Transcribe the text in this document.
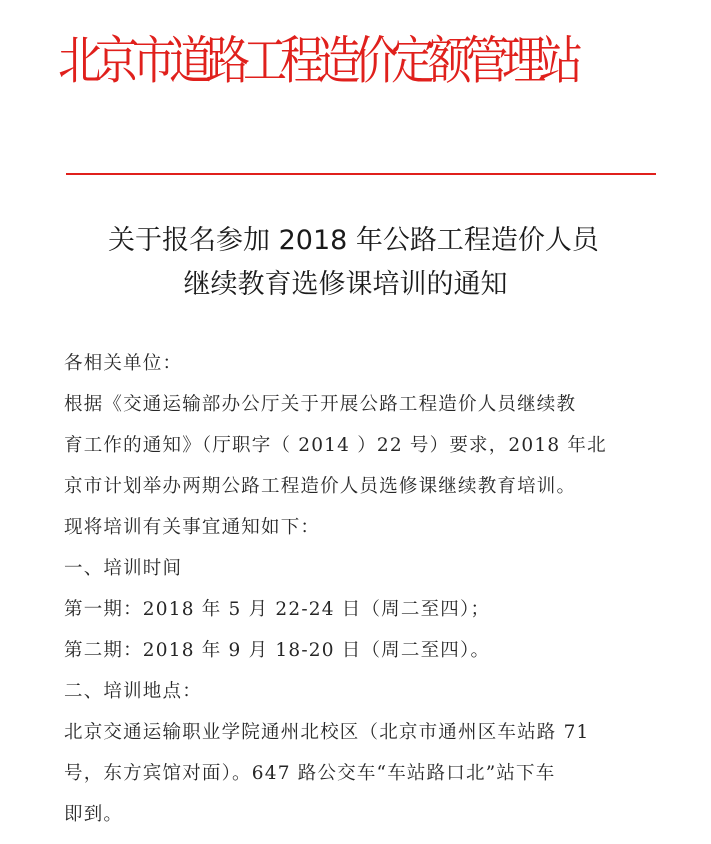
北京市道路工程造价定额管理站
关于报名参加 2018 年公路工程造价人员
继续教育选修课培训的通知
各相关单位：
根据《交通运输部办公厅关于开展公路工程造价人员继续教
育工作的通知》（厅职字（ 2014 ）22 号）要求，2018 年北
京市计划举办两期公路工程造价人员选修课继续教育培训。
现将培训有关事宜通知如下：
一、培训时间
第一期：2018 年 5 月 22-24 日（周二至四）；
第二期：2018 年 9 月 18-20 日（周二至四）。
二、培训地点：
北京交通运输职业学院通州北校区（北京市通州区车站路 71
号，东方宾馆对面）。647 路公交车“车站路口北”站下车
即到。
